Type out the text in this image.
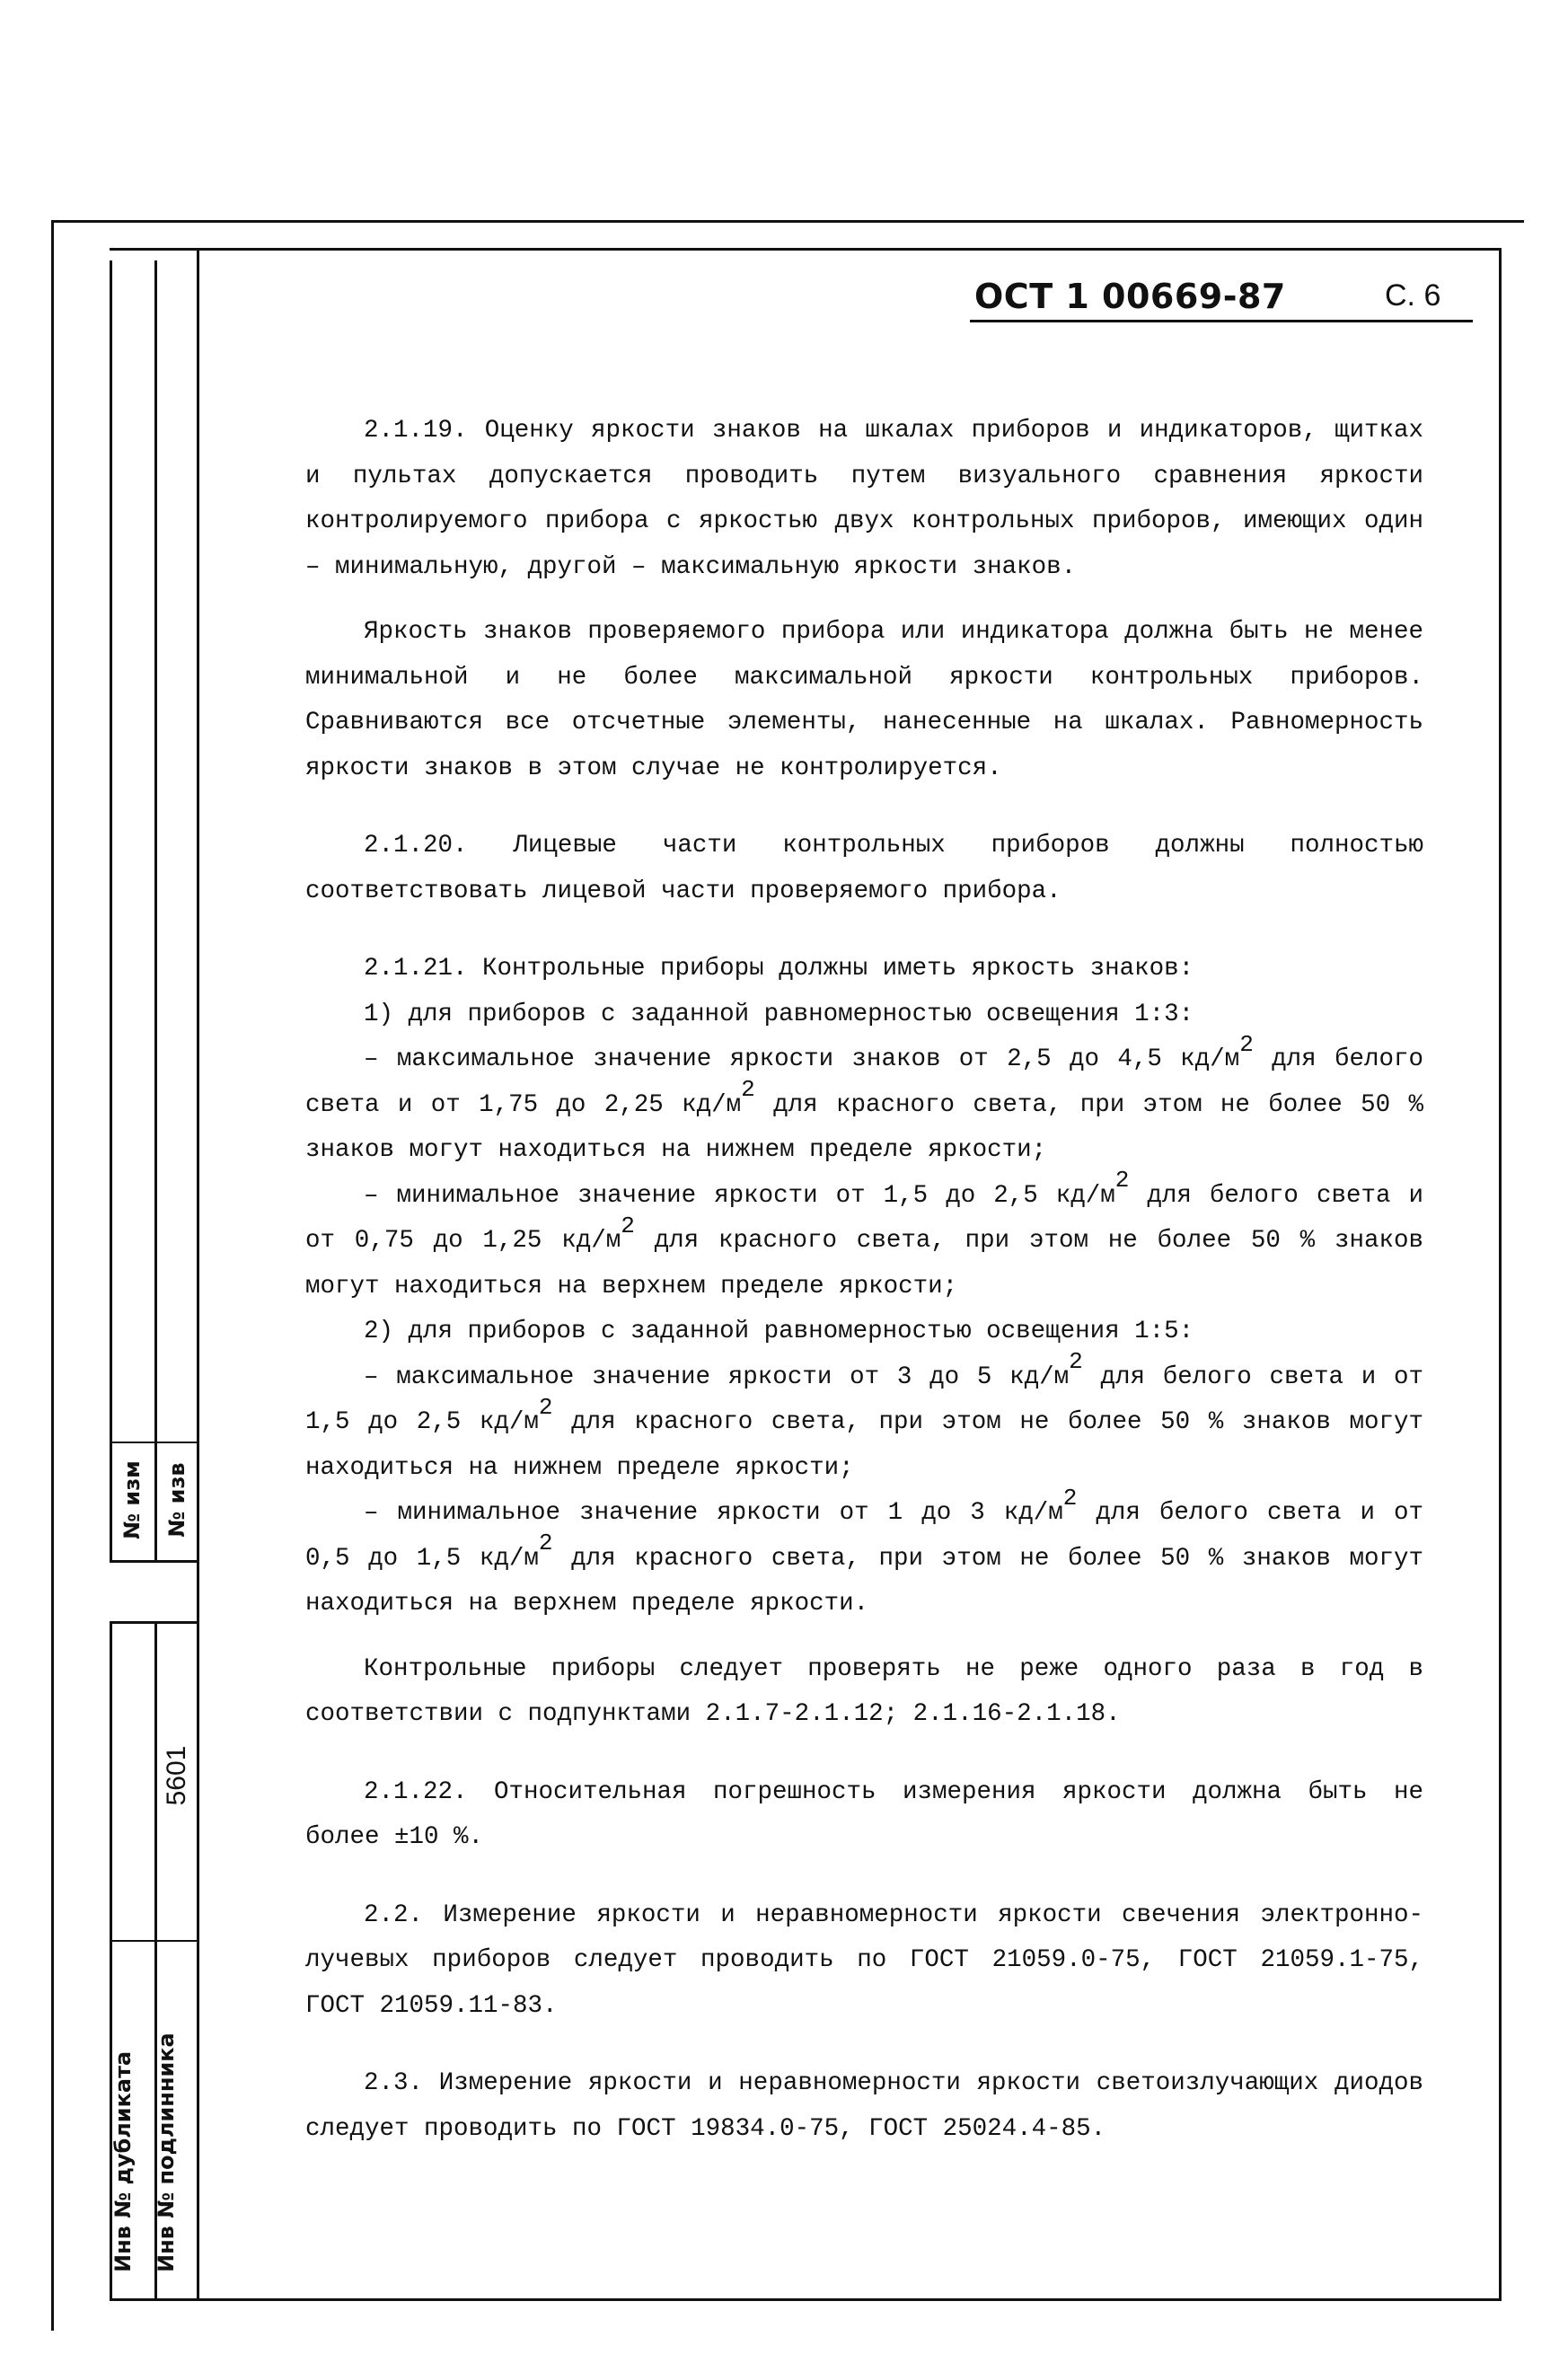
№ изм № изв
5601
Инв № дубликата Инв № подлинника
ОСТ 1 00669-87	С. 6

2.1.19. Оценку яркости знаков на шкалах приборов и индикаторов, щитках и пультах допускается проводить путем визуального сравнения яркости контролируемого прибора с яркостью двух контрольных приборов, имеющих один – минимальную, другой – максимальную яркости знаков.

Яркость знаков проверяемого прибора или индикатора должна быть не менее минимальной и не более максимальной яркости контрольных приборов. Сравниваются все отсчетные элементы, нанесенные на шкалах. Равномерность яркости знаков в этом случае не контролируется.

2.1.20. Лицевые части контрольных приборов должны полностью соответствовать лицевой части проверяемого прибора.

2.1.21. Контрольные приборы должны иметь яркость знаков:

1) для приборов с заданной равномерностью освещения 1:3:

– максимальное значение яркости знаков от 2,5 до 4,5 $кд/м^2$ для белого света и от 1,75 до 2,25 $кд/м^2$ для красного света, при этом не более 50 % знаков могут находиться на нижнем пределе яркости;

– минимальное значение яркости от 1,5 до 2,5 $кд/м^2$ для белого света и от 0,75 до 1,25 $кд/м^2$ для красного света, при этом не более 50 % знаков могут находиться на верхнем пределе яркости;

2) для приборов с заданной равномерностью освещения 1:5:

– максимальное значение яркости от 3 до 5 $кд/м^2$ для белого света и от 1,5 до 2,5 $кд/м^2$ для красного света, при этом не более 50 % знаков могут находиться на нижнем пределе яркости;

– минимальное значение яркости от 1 до 3 $кд/м^2$ для белого света и от 0,5 до 1,5 $кд/м^2$ для красного света, при этом не более 50 % знаков могут находиться на верхнем пределе яркости.

Контрольные приборы следует проверять не реже одного раза в год в соответствии с подпунктами 2.1.7-2.1.12; 2.1.16-2.1.18.

2.1.22. Относительная погрешность измерения яркости должна быть не более ±10 %.

2.2. Измерение яркости и неравномерности яркости свечения электронно-лучевых приборов следует проводить по ГОСТ 21059.0-75, ГОСТ 21059.1-75, ГОСТ 21059.11-83.

2.3. Измерение яркости и неравномерности яркости светоизлучающих диодов следует проводить по ГОСТ 19834.0-75, ГОСТ 25024.4-85.
